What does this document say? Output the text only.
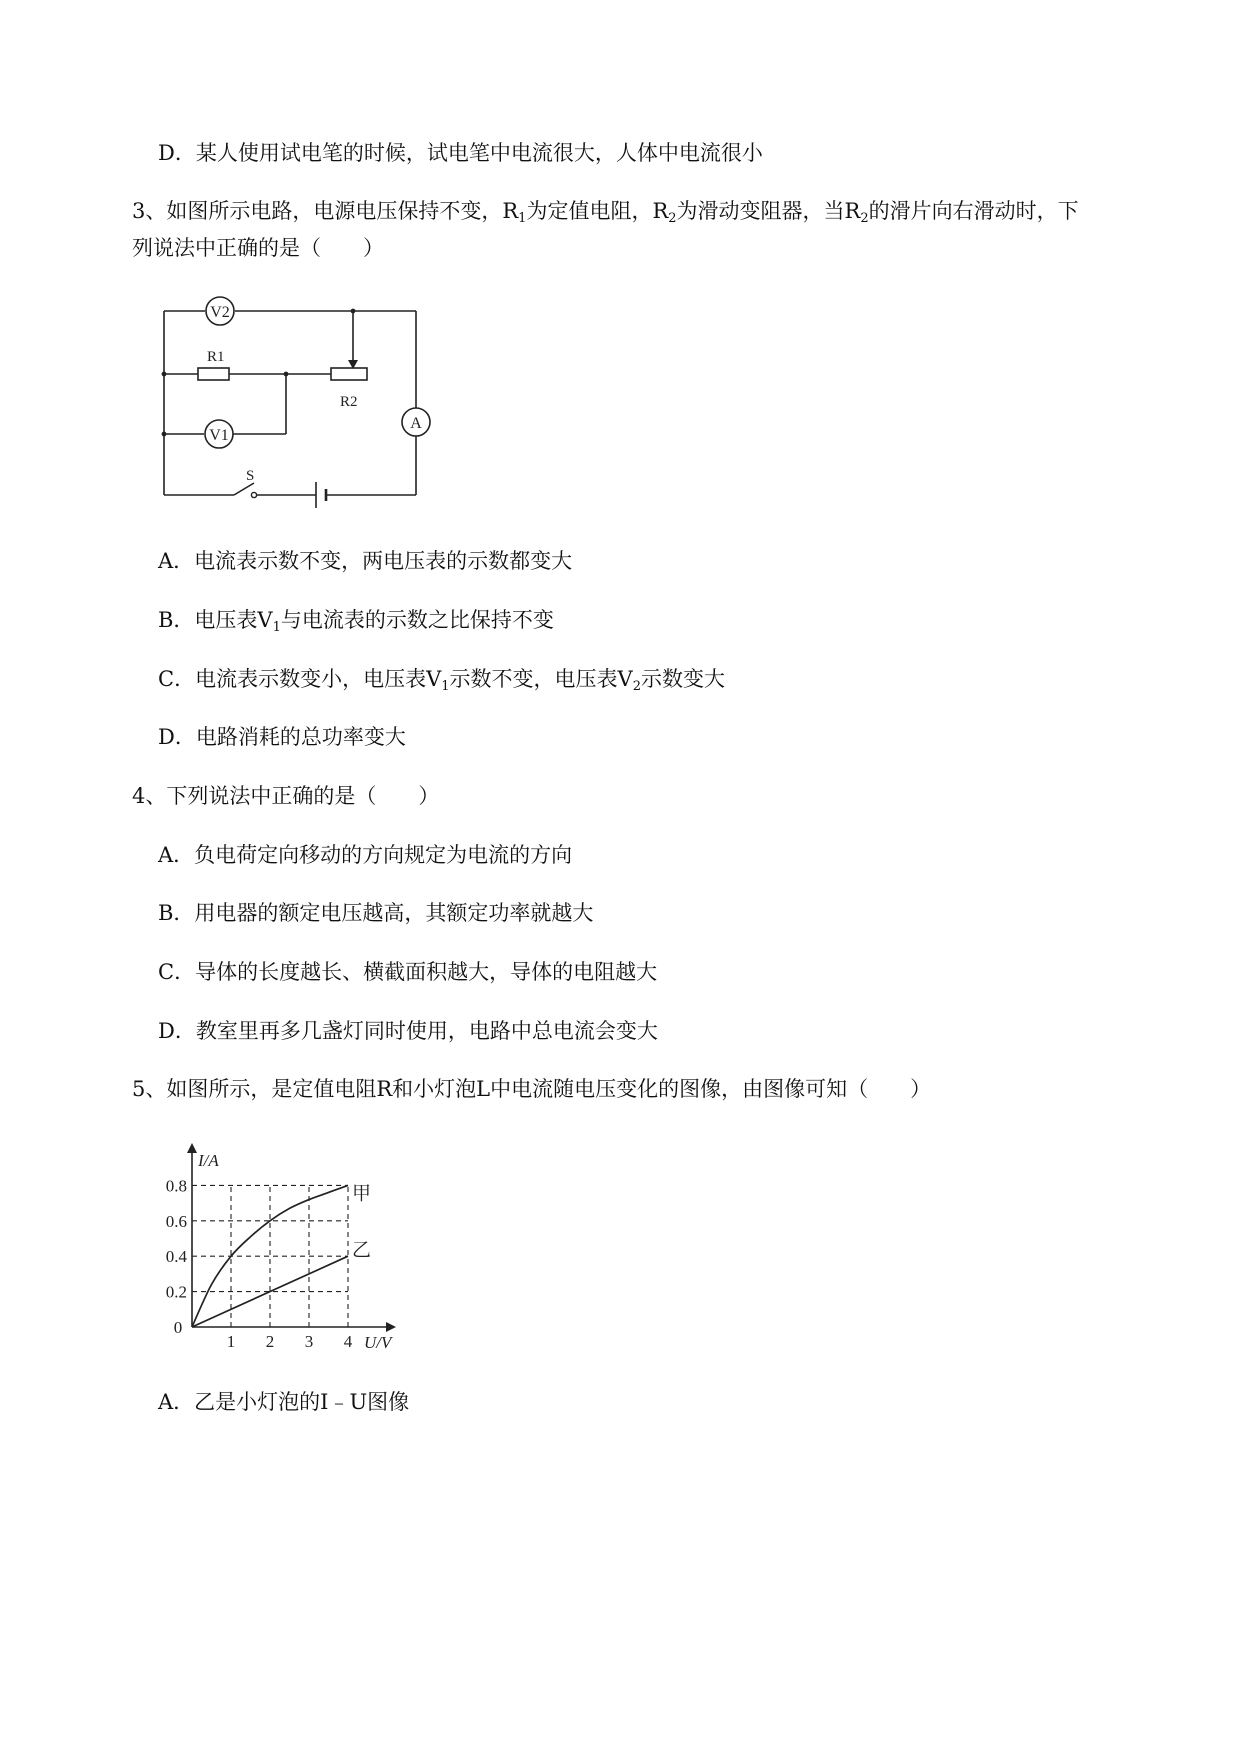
D．某人使用试电笔的时候，试电笔中电流很大，人体中电流很小
3、如图所示电路，电源电压保持不变，$R_1$为定值电阻，$R_2$为滑动变阻器，当$R_2$的滑片向右滑动时，下
列说法中正确的是（　　）
V2
V1
A
R1
R2
S
A．电流表示数不变，两电压表的示数都变大
B．电压表$V_1$与电流表的示数之比保持不变
C．电流表示数变小，电压表$V_1$示数不变，电压表$V_2$示数变大
D．电路消耗的总功率变大
4、下列说法中正确的是（　　）
A．负电荷定向移动的方向规定为电流的方向
B．用电器的额定电压越高，其额定功率就越大
C．导体的长度越长、横截面积越大，导体的电阻越大
D．教室里再多几盏灯同时使用，电路中总电流会变大
5、如图所示，是定值电阻R和小灯泡L中电流随电压变化的图像，由图像可知（　　）
1 2 3 4
0.2
0.4
0.6
0.8
0
I/A
U/V
甲
乙
A．乙是小灯泡的I﹣U图像
